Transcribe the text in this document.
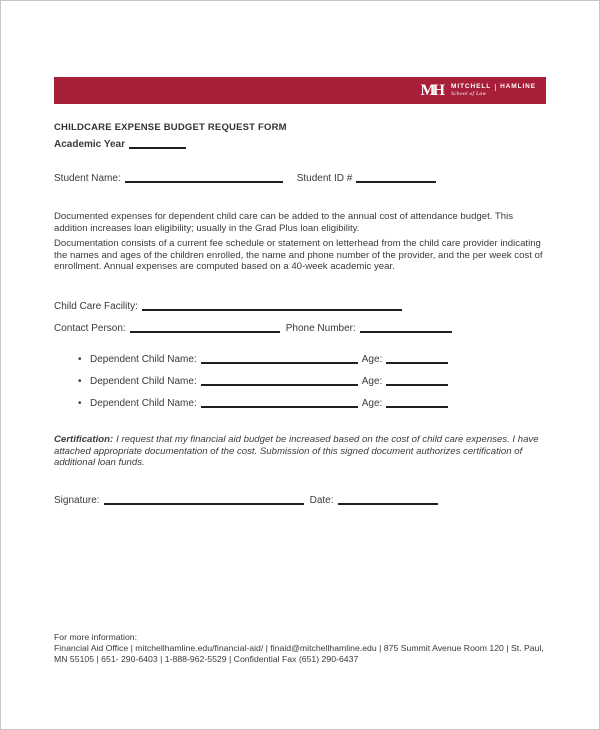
MH	MITCHELL HAMLINE
School of Law
CHILDCARE EXPENSE BUDGET REQUEST FORM
Academic Year
Student Name:	Student ID #
Documented expenses for dependent child care can be added to the annual cost of attendance budget. This addition increases loan eligibility; usually in the Grad Plus loan eligibility.
Documentation consists of a current fee schedule or statement on letterhead from the child care provider indicating the names and ages of the children enrolled, the name and phone number of the provider, and the per week cost of enrollment. Annual expenses are computed based on a 40-week academic year.
Child Care Facility:
Contact Person:	Phone Number:
• Dependent Child Name:	Age:
• Dependent Child Name:	Age:
• Dependent Child Name:	Age:
Certification: I request that my financial aid budget be increased based on the cost of child care expenses. I have attached appropriate documentation of the cost. Submission of this signed document authorizes certification of additional loan funds.
Signature:	Date:
For more information:
Financial Aid Office | mitchellhamline.edu/financial-aid/ | finaid@mitchellhamline.edu | 875 Summit Avenue Room 120 | St. Paul, MN 55105 | 651- 290-6403 | 1-888-962-5529 | Confidential Fax (651) 290-6437
